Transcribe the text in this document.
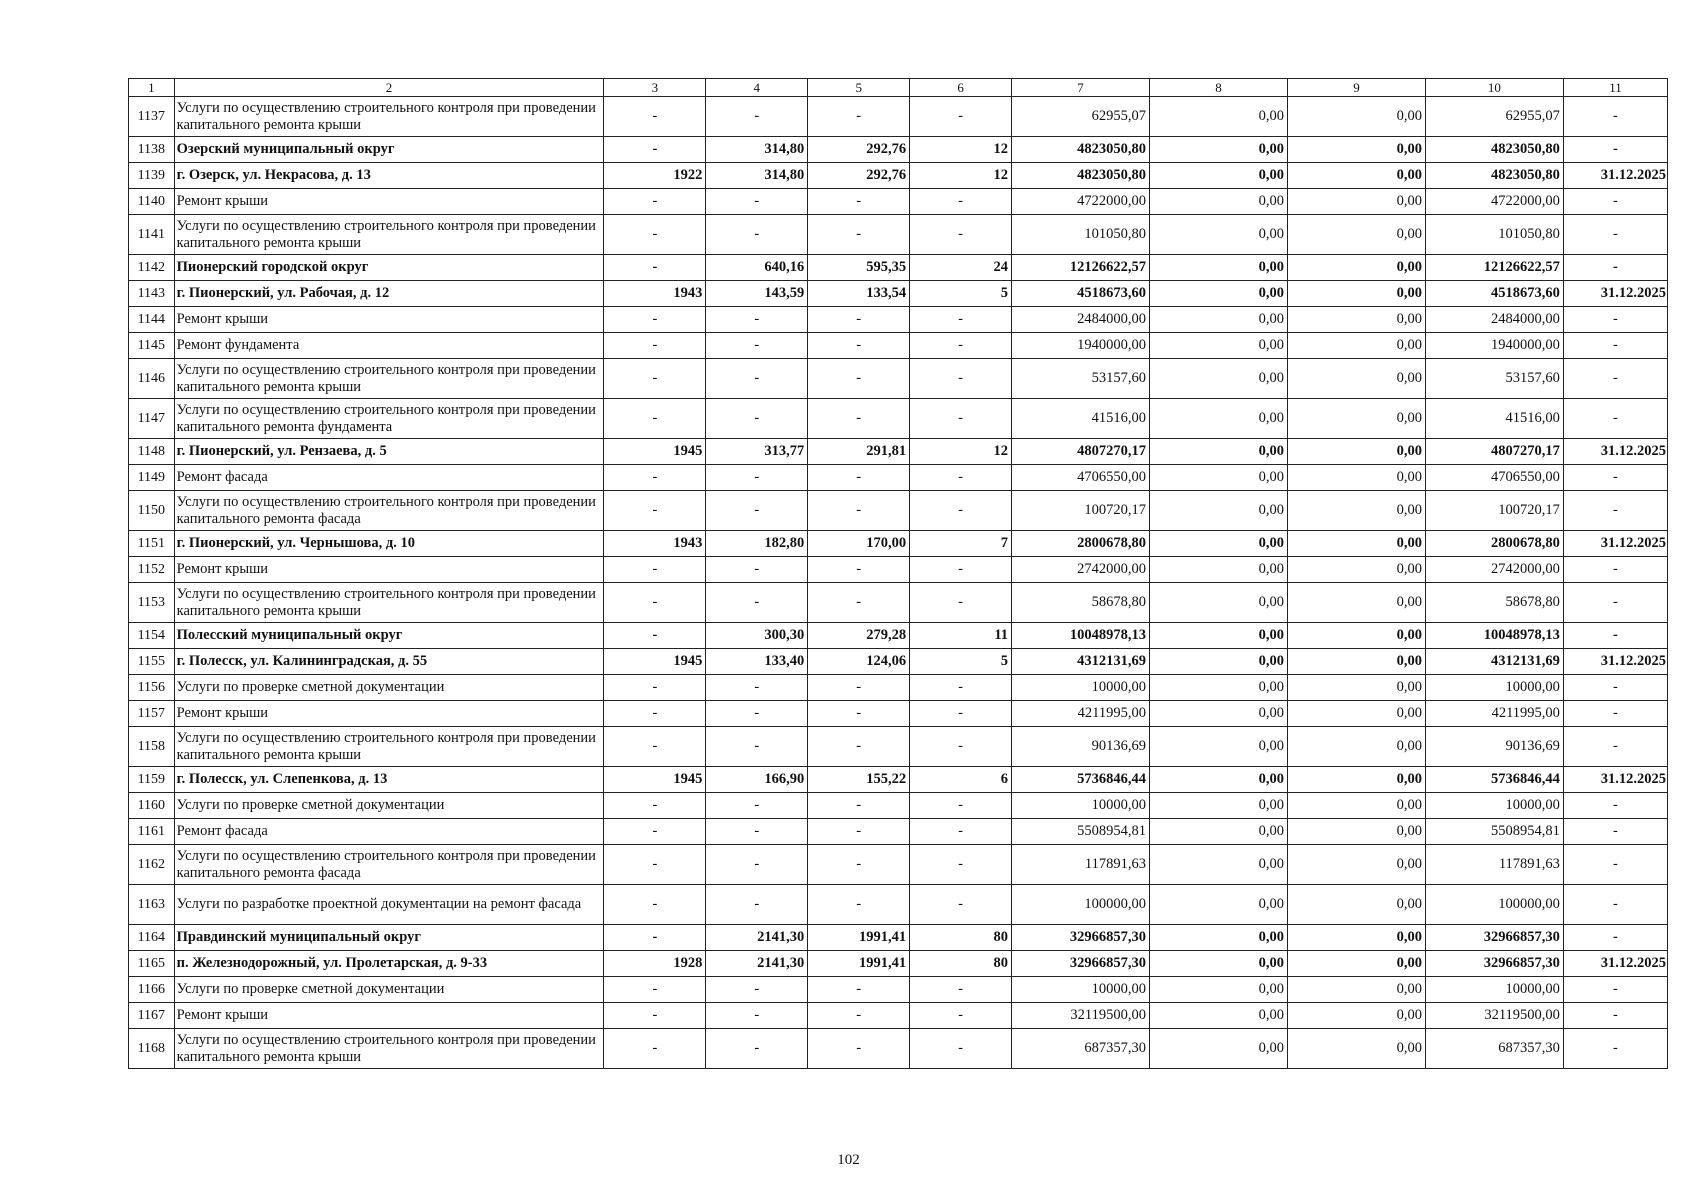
1	2	3	4	5	6	7	8	9	10	11
1137	Услуги по осуществлению строительного контроля при проведении капитального ремонта крыши	-	-	-	-	62955,07	0,00	0,00	62955,07	-
1138	Озерский муниципальный округ	-	314,80	292,76	12	4823050,80	0,00	0,00	4823050,80	-
1139	г. Озерск, ул. Некрасова, д. 13	1922	314,80	292,76	12	4823050,80	0,00	0,00	4823050,80	31.12.2025
1140	Ремонт крыши	-	-	-	-	4722000,00	0,00	0,00	4722000,00	-
1141	Услуги по осуществлению строительного контроля при проведении капитального ремонта крыши	-	-	-	-	101050,80	0,00	0,00	101050,80	-
1142	Пионерский городской округ	-	640,16	595,35	24	12126622,57	0,00	0,00	12126622,57	-
1143	г. Пионерский, ул. Рабочая, д. 12	1943	143,59	133,54	5	4518673,60	0,00	0,00	4518673,60	31.12.2025
1144	Ремонт крыши	-	-	-	-	2484000,00	0,00	0,00	2484000,00	-
1145	Ремонт фундамента	-	-	-	-	1940000,00	0,00	0,00	1940000,00	-
1146	Услуги по осуществлению строительного контроля при проведении капитального ремонта крыши	-	-	-	-	53157,60	0,00	0,00	53157,60	-
1147	Услуги по осуществлению строительного контроля при проведении капитального ремонта фундамента	-	-	-	-	41516,00	0,00	0,00	41516,00	-
1148	г. Пионерский, ул. Рензаева, д. 5	1945	313,77	291,81	12	4807270,17	0,00	0,00	4807270,17	31.12.2025
1149	Ремонт фасада	-	-	-	-	4706550,00	0,00	0,00	4706550,00	-
1150	Услуги по осуществлению строительного контроля при проведении капитального ремонта фасада	-	-	-	-	100720,17	0,00	0,00	100720,17	-
1151	г. Пионерский, ул. Чернышова, д. 10	1943	182,80	170,00	7	2800678,80	0,00	0,00	2800678,80	31.12.2025
1152	Ремонт крыши	-	-	-	-	2742000,00	0,00	0,00	2742000,00	-
1153	Услуги по осуществлению строительного контроля при проведении капитального ремонта крыши	-	-	-	-	58678,80	0,00	0,00	58678,80	-
1154	Полесский муниципальный округ	-	300,30	279,28	11	10048978,13	0,00	0,00	10048978,13	-
1155	г. Полесск, ул. Калининградская, д. 55	1945	133,40	124,06	5	4312131,69	0,00	0,00	4312131,69	31.12.2025
1156	Услуги по проверке сметной документации	-	-	-	-	10000,00	0,00	0,00	10000,00	-
1157	Ремонт крыши	-	-	-	-	4211995,00	0,00	0,00	4211995,00	-
1158	Услуги по осуществлению строительного контроля при проведении капитального ремонта крыши	-	-	-	-	90136,69	0,00	0,00	90136,69	-
1159	г. Полесск, ул. Слепенкова, д. 13	1945	166,90	155,22	6	5736846,44	0,00	0,00	5736846,44	31.12.2025
1160	Услуги по проверке сметной документации	-	-	-	-	10000,00	0,00	0,00	10000,00	-
1161	Ремонт фасада	-	-	-	-	5508954,81	0,00	0,00	5508954,81	-
1162	Услуги по осуществлению строительного контроля при проведении капитального ремонта фасада	-	-	-	-	117891,63	0,00	0,00	117891,63	-
1163	Услуги по разработке проектной документации на ремонт фасада	-	-	-	-	100000,00	0,00	0,00	100000,00	-
1164	Правдинский муниципальный округ	-	2141,30	1991,41	80	32966857,30	0,00	0,00	32966857,30	-
1165	п. Железнодорожный, ул. Пролетарская, д. 9-33	1928	2141,30	1991,41	80	32966857,30	0,00	0,00	32966857,30	31.12.2025
1166	Услуги по проверке сметной документации	-	-	-	-	10000,00	0,00	0,00	10000,00	-
1167	Ремонт крыши	-	-	-	-	32119500,00	0,00	0,00	32119500,00	-
1168	Услуги по осуществлению строительного контроля при проведении капитального ремонта крыши	-	-	-	-	687357,30	0,00	0,00	687357,30	-
102
